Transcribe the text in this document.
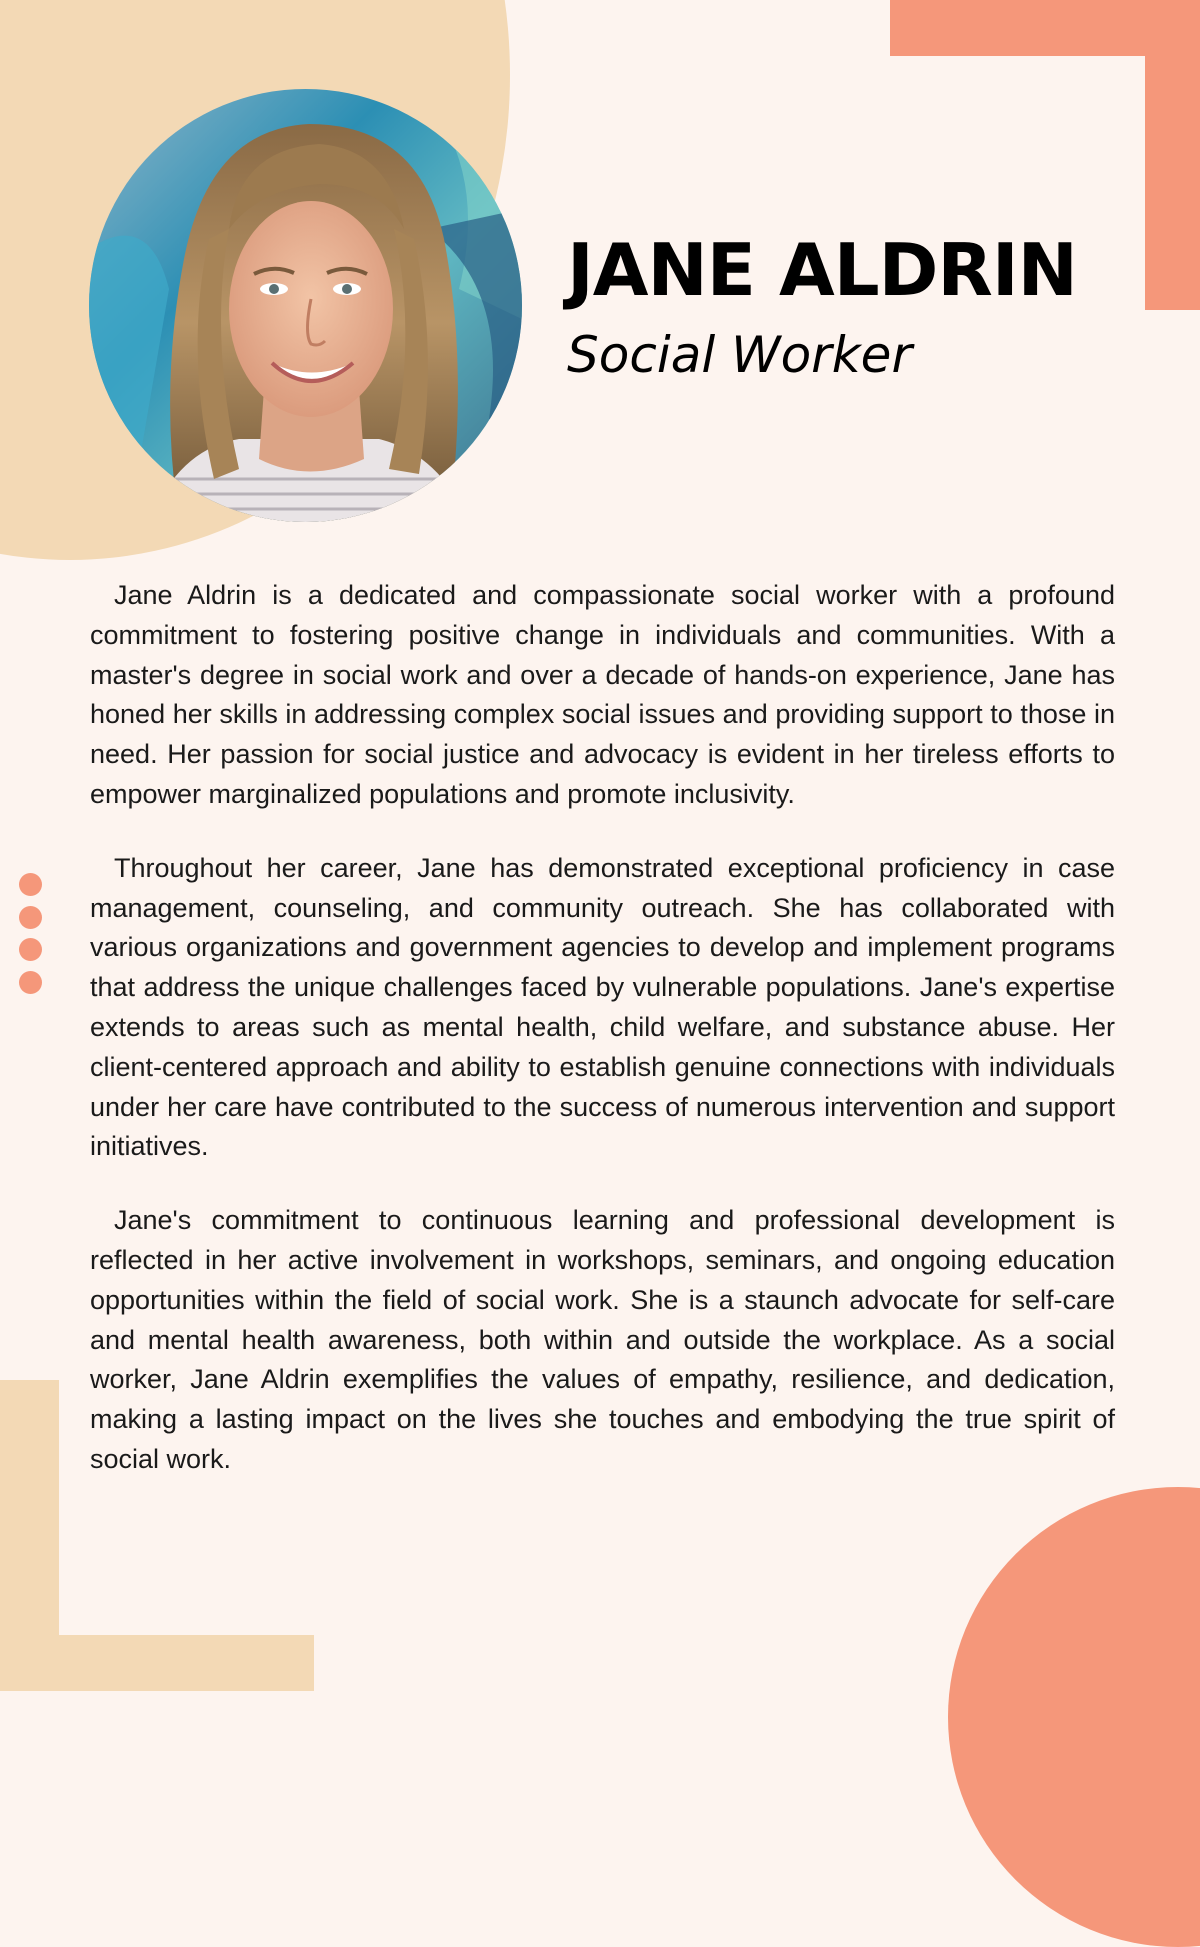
JANE ALDRIN
Social Worker

Jane Aldrin is a dedicated and compassionate social worker with a profound commitment to fostering positive change in individuals and communities. With a master's degree in social work and over a decade of hands-on experience, Jane has honed her skills in addressing complex social issues and providing support to those in need. Her passion for social justice and advocacy is evident in her tireless efforts to empower marginalized populations and promote inclusivity.

Throughout her career, Jane has demonstrated exceptional proficiency in case management, counseling, and community outreach. She has collaborated with various organizations and government agencies to develop and implement programs that address the unique challenges faced by vulnerable populations. Jane's expertise extends to areas such as mental health, child welfare, and substance abuse. Her client-centered approach and ability to establish genuine connections with individuals under her care have contributed to the success of numerous intervention and support initiatives.

Jane's commitment to continuous learning and professional development is reflected in her active involvement in workshops, seminars, and ongoing education opportunities within the field of social work. She is a staunch advocate for self-care and mental health awareness, both within and outside the workplace. As a social worker, Jane Aldrin exemplifies the values of empathy, resilience, and dedication, making a lasting impact on the lives she touches and embodying the true spirit of social work.
